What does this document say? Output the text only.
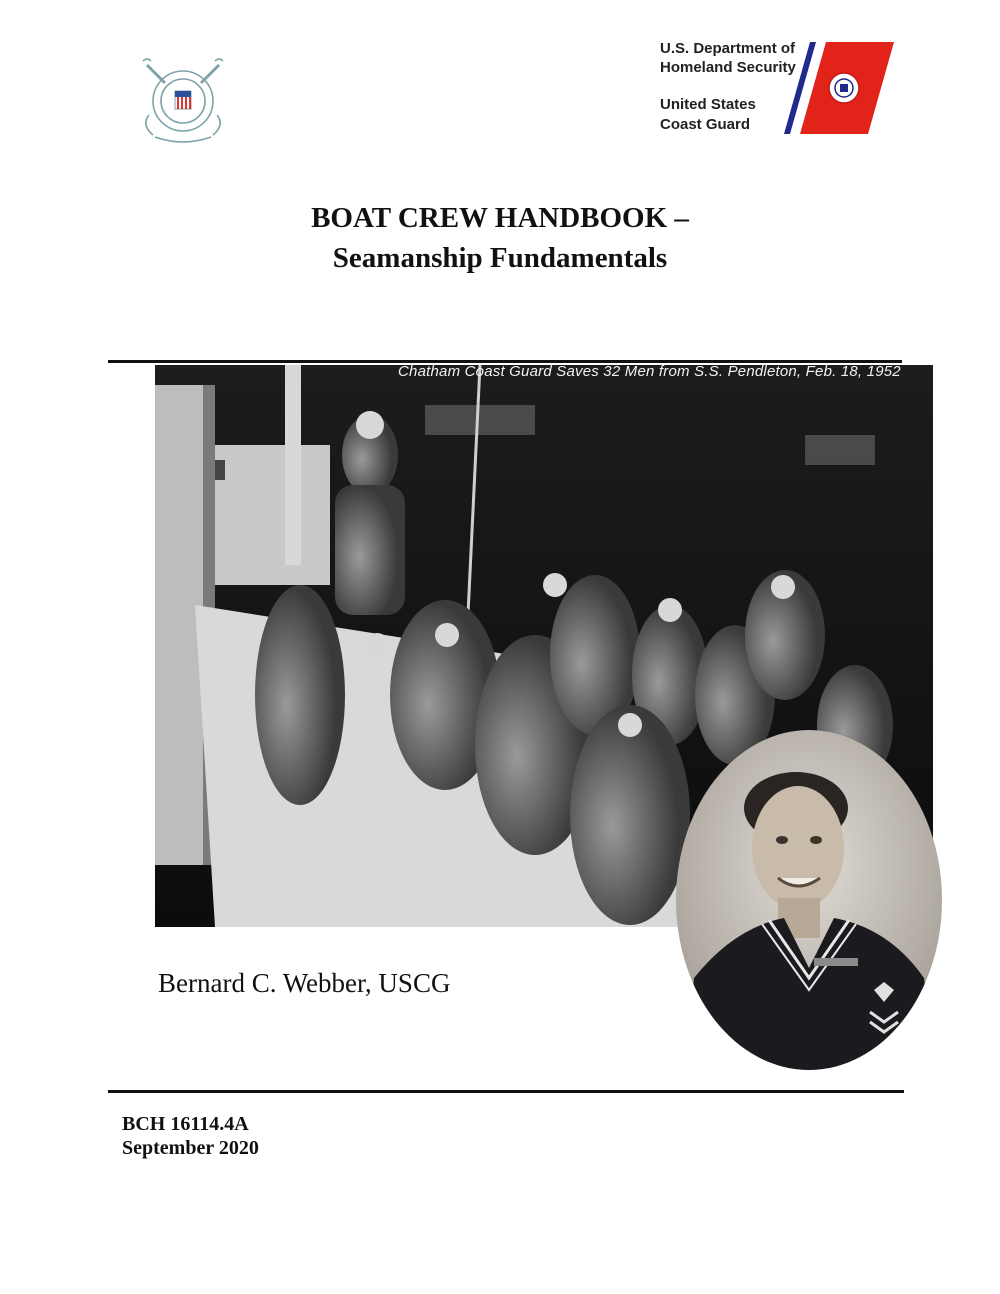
U.S. Department of
Homeland Security
United States
Coast Guard
BOAT CREW HANDBOOK –
Seamanship Fundamentals
Chatham Coast Guard Saves 32 Men from S.S. Pendleton, Feb. 18, 1952
Bernard C. Webber, USCG
BCH 16114.4A
September 2020
